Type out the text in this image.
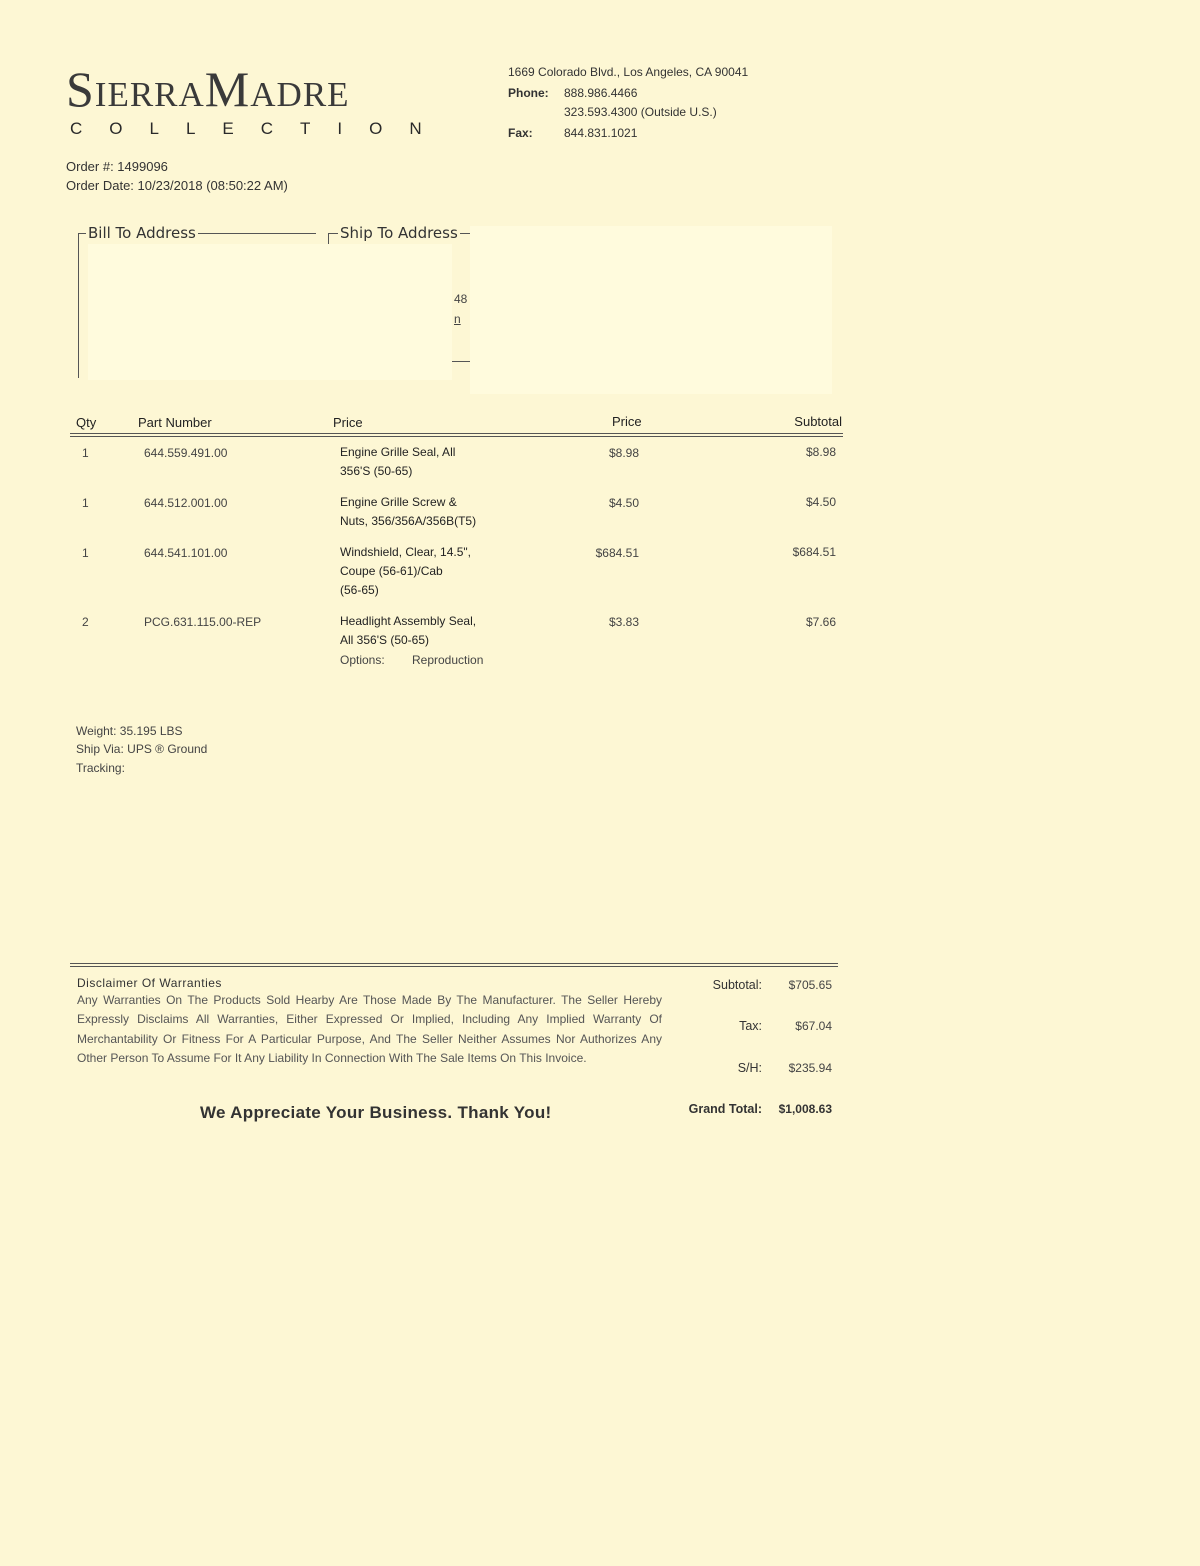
SierraMadre
COLLECTION
1669 Colorado Blvd., Los Angeles, CA 90041
Phone: 888.986.4466
323.593.4300 (Outside U.S.)
Fax:	844.831.1021
Order #: 1499096
Order Date: 10/23/2018 (08:50:22 AM)
Bill To Address	Ship To Address
48
n
Qty	Part Number	Price	Price	Subtotal
1	644.559.491.00	Engine Grille Seal, All
356'S (50-65)
$8.98	$8.98
1	644.512.001.00	Engine Grille Screw &
Nuts, 356/356A/356B(T5)
$4.50	$4.50
1	644.541.101.00	Windshield, Clear, 14.5",
Coupe (56-61)/Cab
(56-65)
$684.51	$684.51
2	PCG.631.115.00-REP	Headlight Assembly Seal,
All 356'S (50-65)
Options: Reproduction
$3.83	$7.66
Weight: 35.195 LBS
Ship Via: UPS ® Ground
Tracking:
Disclaimer Of Warranties
Any Warranties On The Products Sold Hearby Are Those Made By The Manufacturer. The Seller Hereby Expressly Disclaims All Warranties, Either Expressed Or Implied, Including Any Implied Warranty Of Merchantability Or Fitness For A Particular Purpose, And The Seller Neither Assumes Nor Authorizes Any Other Person To Assume For It Any Liability In Connection With The Sale Items On This Invoice.
Subtotal:	$705.65
Tax:	$67.04
S/H:	$235.94
Grand Total:	$1,008.63
We Appreciate Your Business. Thank You!
